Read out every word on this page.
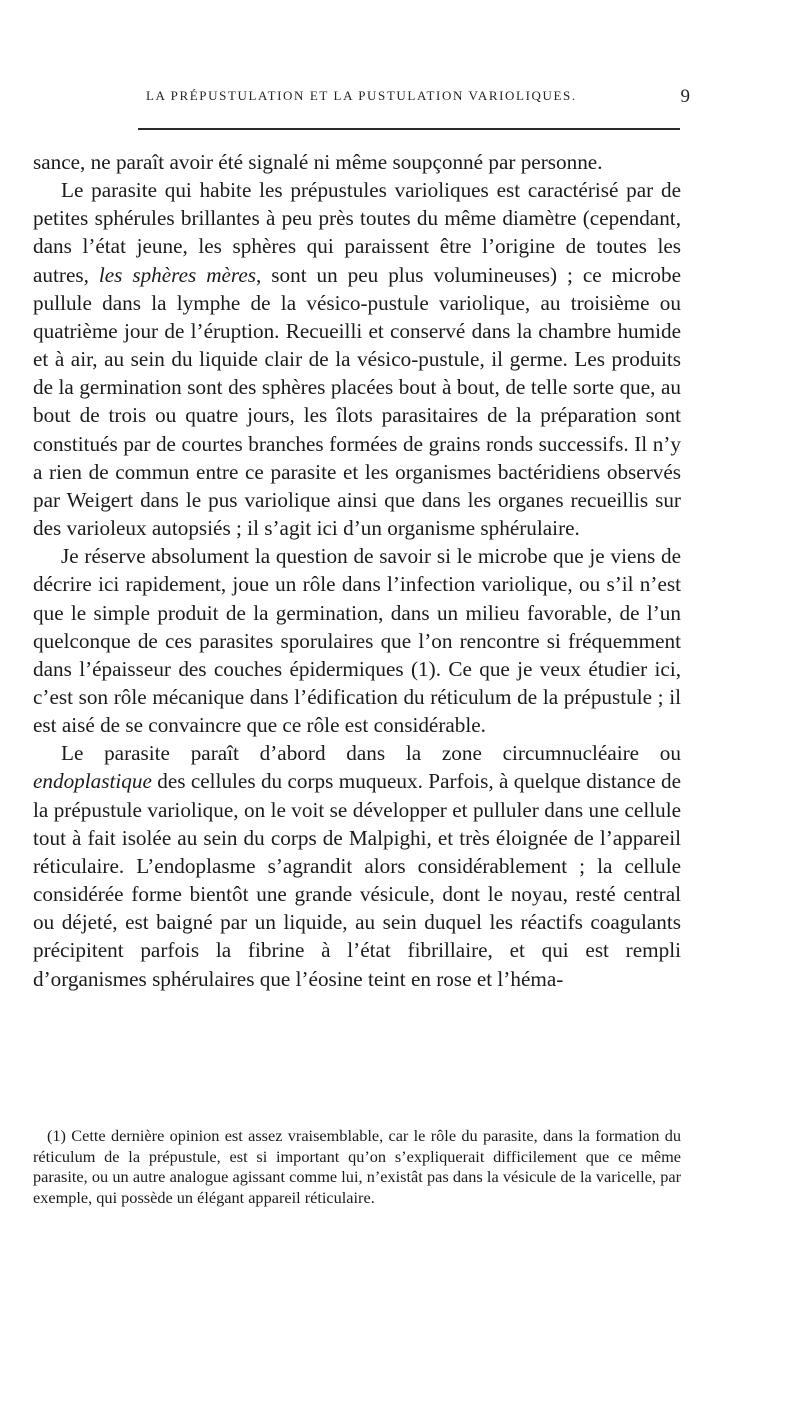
LA PRÉPUSTULATION ET LA PUSTULATION VARIOLIQUES.	9

sance, ne paraît avoir été signalé ni même soupçonné par personne.

Le parasite qui habite les prépustules varioliques est caractérisé par de petites sphérules brillantes à peu près toutes du même diamètre (cependant, dans l’état jeune, les sphères qui paraissent être l’origine de toutes les autres, les sphères mères, sont un peu plus volumineuses) ; ce microbe pullule dans la lymphe de la vésico-pustule variolique, au troisième ou quatrième jour de l’éruption. Recueilli et conservé dans la chambre humide et à air, au sein du liquide clair de la vésico-pustule, il germe. Les produits de la germination sont des sphères placées bout à bout, de telle sorte que, au bout de trois ou quatre jours, les îlots parasitaires de la préparation sont constitués par de courtes branches formées de grains ronds successifs. Il n’y a rien de commun entre ce parasite et les organismes bactéridiens observés par Weigert dans le pus variolique ainsi que dans les organes recueillis sur des varioleux autopsiés ; il s’agit ici d’un organisme sphérulaire.

Je réserve absolument la question de savoir si le microbe que je viens de décrire ici rapidement, joue un rôle dans l’infection variolique, ou s’il n’est que le simple produit de la germination, dans un milieu favorable, de l’un quelconque de ces parasites sporulaires que l’on rencontre si fréquemment dans l’épaisseur des couches épidermiques (1). Ce que je veux étudier ici, c’est son rôle mécanique dans l’édification du réticulum de la prépustule ; il est aisé de se convaincre que ce rôle est considérable.

Le parasite paraît d’abord dans la zone circumnucléaire ou endoplastique des cellules du corps muqueux. Parfois, à quelque distance de la prépustule variolique, on le voit se développer et pulluler dans une cellule tout à fait isolée au sein du corps de Malpighi, et très éloignée de l’appareil réticulaire. L’endoplasme s’agrandit alors considérablement ; la cellule considérée forme bientôt une grande vésicule, dont le noyau, resté central ou déjeté, est baigné par un liquide, au sein duquel les réactifs coagulants précipitent parfois la fibrine à l’état fibrillaire, et qui est rempli d’organismes sphérulaires que l’éosine teint en rose et l’héma-

(1) Cette dernière opinion est assez vraisemblable, car le rôle du parasite, dans la formation du réticulum de la prépustule, est si important qu’on s’expliquerait difficilement que ce même parasite, ou un autre analogue agissant comme lui, n’existât pas dans la vésicule de la varicelle, par exemple, qui possède un élégant appareil réticulaire.
